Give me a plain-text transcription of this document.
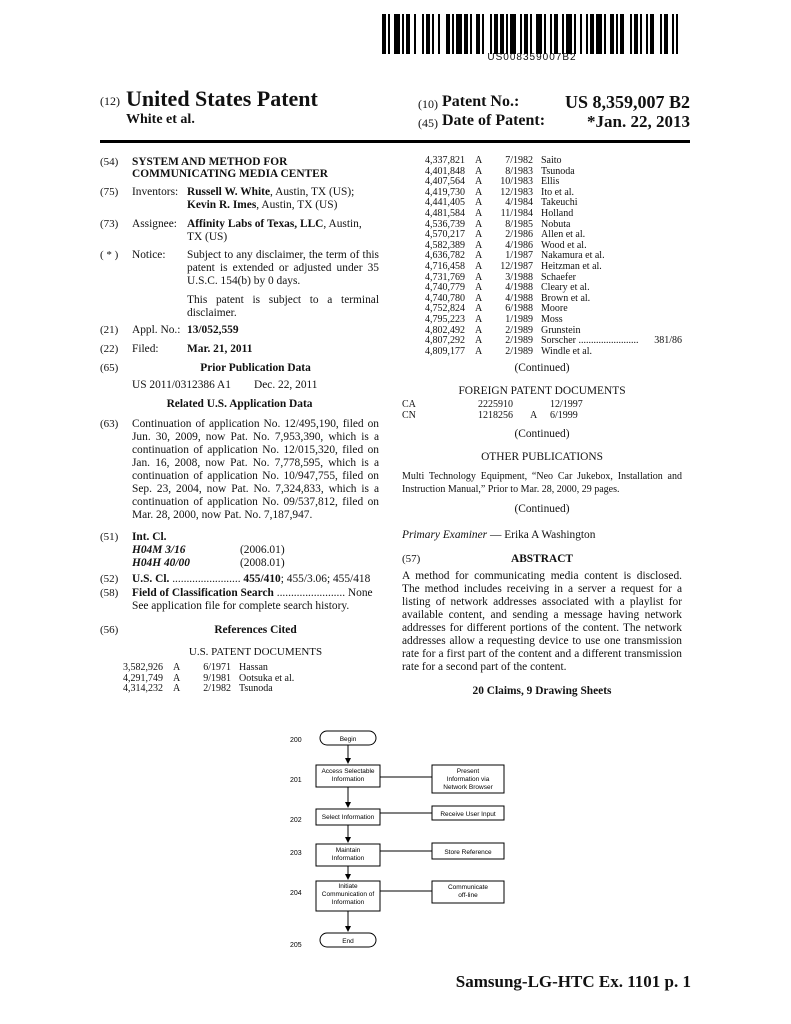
US008359007B2
(12) United States Patent
White et al.
(10) Patent No.:	US 8,359,007 B2
(45) Date of Patent:	*Jan. 22, 2013
(54) SYSTEM AND METHOD FOR
COMMUNICATING MEDIA CENTER
(75) Inventors: Russell W. White, Austin, TX (US);
Kevin R. Imes, Austin, TX (US)
(73) Assignee: Affinity Labs of Texas, LLC, Austin,
TX (US)
( * ) Notice: Subject to any disclaimer, the term of this patent is extended or adjusted under 35 U.S.C. 154(b) by 0 days.
This patent is subject to a terminal disclaimer.
(21) Appl. No.: 13/052,559
(22) Filed: Mar. 21, 2011
(65)	Prior Publication Data
US 2011/0312386 A1 Dec. 22, 2011
Related U.S. Application Data
(63) Continuation of application No. 12/495,190, filed on Jun. 30, 2009, now Pat. No. 7,953,390, which is a continuation of application No. 12/015,320, filed on Jan. 16, 2008, now Pat. No. 7,778,595, which is a continuation of application No. 10/947,755, filed on Sep. 23, 2004, now Pat. No. 7,324,833, which is a continuation of application No. 09/537,812, filed on Mar. 28, 2000, now Pat. No. 7,187,947.
(51) Int. Cl.
H04M 3/16	(2006.01)
H04H 40/00	(2008.01)
(52) U.S. Cl. ........................ 455/410; 455/3.06; 455/418
(58) Field of Classification Search ........................ None
See application file for complete search history.
(56)	References Cited
U.S. PATENT DOCUMENTS
3,582,926	A	6/1971 Hassan
4,291,749	A	9/1981 Ootsuka et al.
4,314,232	A	2/1982 Tsunoda
4,337,821	A	7/1982 Saito
4,401,848	A	8/1983 Tsunoda
4,407,564	A	10/1983 Ellis
4,419,730	A	12/1983 Ito et al.
4,441,405	A	4/1984 Takeuchi
4,481,584	A	11/1984 Holland
4,536,739	A	8/1985 Nobuta
4,570,217	A	2/1986 Allen et al.
4,582,389	A	4/1986 Wood et al.
4,636,782	A	1/1987 Nakamura et al.
4,716,458	A	12/1987 Heitzman et al.
4,731,769	A	3/1988 Schaefer
4,740,779	A	4/1988 Cleary et al.
4,740,780	A	4/1988 Brown et al.
4,752,824	A	6/1988 Moore
4,795,223	A	1/1989 Moss
4,802,492	A	2/1989 Grunstein
4,807,292	A	2/1989 Sorscher ........................	381/86
4,809,177	A	2/1989 Windle et al.
(Continued)
FOREIGN PATENT DOCUMENTS
CA	2225910	12/1997
CN	1218256	A	6/1999
(Continued)
OTHER PUBLICATIONS
Multi Technology Equipment, “Neo Car Jukebox, Installation and Instruction Manual,” Prior to Mar. 28, 2000, 29 pages.
(Continued)
Primary Examiner — Erika A Washington
(57)	ABSTRACT
A method for communicating media content is disclosed. The method includes receiving in a server a request for a listing of network addresses associated with a playlist for available content, and sending a message having network addresses for different portions of the content. The network addresses allow a requesting device to use one transmission rate for a first part of the content and a different transmission rate for a second part of the content.
20 Claims, 9 Drawing Sheets
200
201
202
203
204
205
Begin
Access Selectable
Information
Select Information
Maintain
Information
Initiate
Communication of
Information
End
Present
Information via
Network Browser
Receive User Input
Store Reference
Communicate
off-line
Samsung-LG-HTC Ex. 1101 p. 1
